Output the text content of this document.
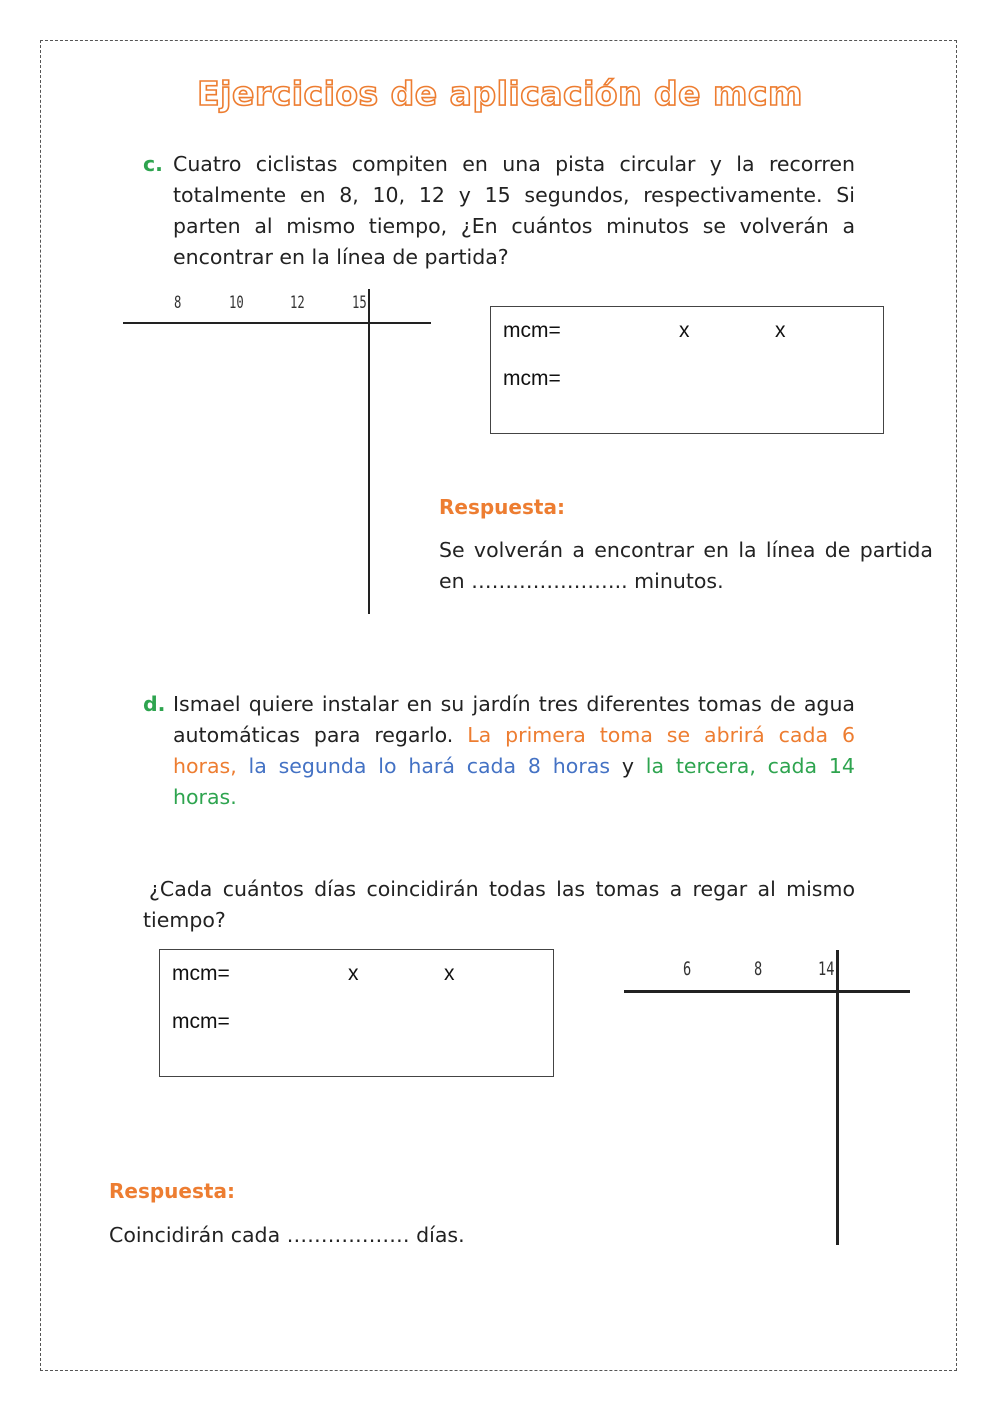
Ejercicios de aplicación de mcm
c. Cuatro ciclistas compiten en una pista circular y la recorren totalmente en 8, 10, 12 y 15 segundos, respectivamente. Si parten al mismo tiempo, ¿En cuántos minutos se volverán a encontrar en la línea de partida?

8	10	12	15
mcm=	x	x
mcm=
Respuesta:

Se volverán a encontrar en la línea de partida en ………………….. minutos.

d. Ismael quiere instalar en su jardín tres diferentes tomas de agua automáticas para regarlo. La primera toma se abrirá cada 6 horas, la segunda lo hará cada 8 horas y la tercera, cada 14 horas.

¿Cada cuántos días coincidirán todas las tomas a regar al mismo tiempo?

mcm=	x	x
mcm=
6	8	14
Respuesta:

Coincidirán cada ……………… días.
